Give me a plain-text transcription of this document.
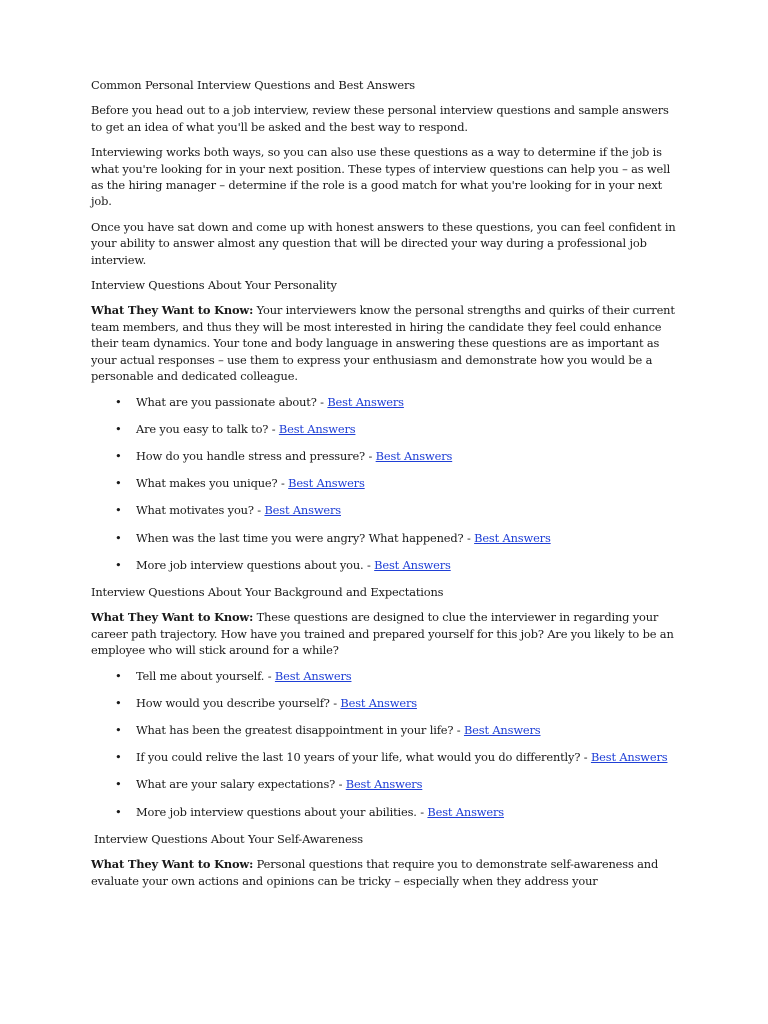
Common Personal Interview Questions and Best Answers

Before you head out to a job interview, review these personal interview questions and sample answers to get an idea of what you'll be asked and the best way to respond.

Interviewing works both ways, so you can also use these questions as a way to determine if the job is what you're looking for in your next position. These types of interview questions can help you – as well as the hiring manager – determine if the role is a good match for what you're looking for in your next job.

Once you have sat down and come up with honest answers to these questions, you can feel confident in your ability to answer almost any question that will be directed your way during a professional job interview.

Interview Questions About Your Personality

What They Want to Know: Your interviewers know the personal strengths and quirks of their current team members, and thus they will be most interested in hiring the candidate they feel could enhance their team dynamics. Your tone and body language in answering these questions are as important as your actual responses – use them to express your enthusiasm and demonstrate how you would be a personable and dedicated colleague.

• What are you passionate about? - Best Answers
• Are you easy to talk to? - Best Answers
• How do you handle stress and pressure? - Best Answers
• What makes you unique? - Best Answers
• What motivates you? - Best Answers
• When was the last time you were angry? What happened? - Best Answers
• More job interview questions about you. - Best Answers
Interview Questions About Your Background and Expectations

What They Want to Know: These questions are designed to clue the interviewer in regarding your career path trajectory. How have you trained and prepared yourself for this job? Are you likely to be an employee who will stick around for a while?

• Tell me about yourself. - Best Answers
• How would you describe yourself? - Best Answers
• What has been the greatest disappointment in your life? - Best Answers
• If you could relive the last 10 years of your life, what would you do differently? - Best Answers
• What are your salary expectations? - Best Answers
• More job interview questions about your abilities. - Best Answers
Interview Questions About Your Self-Awareness

What They Want to Know: Personal questions that require you to demonstrate self-awareness and evaluate your own actions and opinions can be tricky – especially when they address your
